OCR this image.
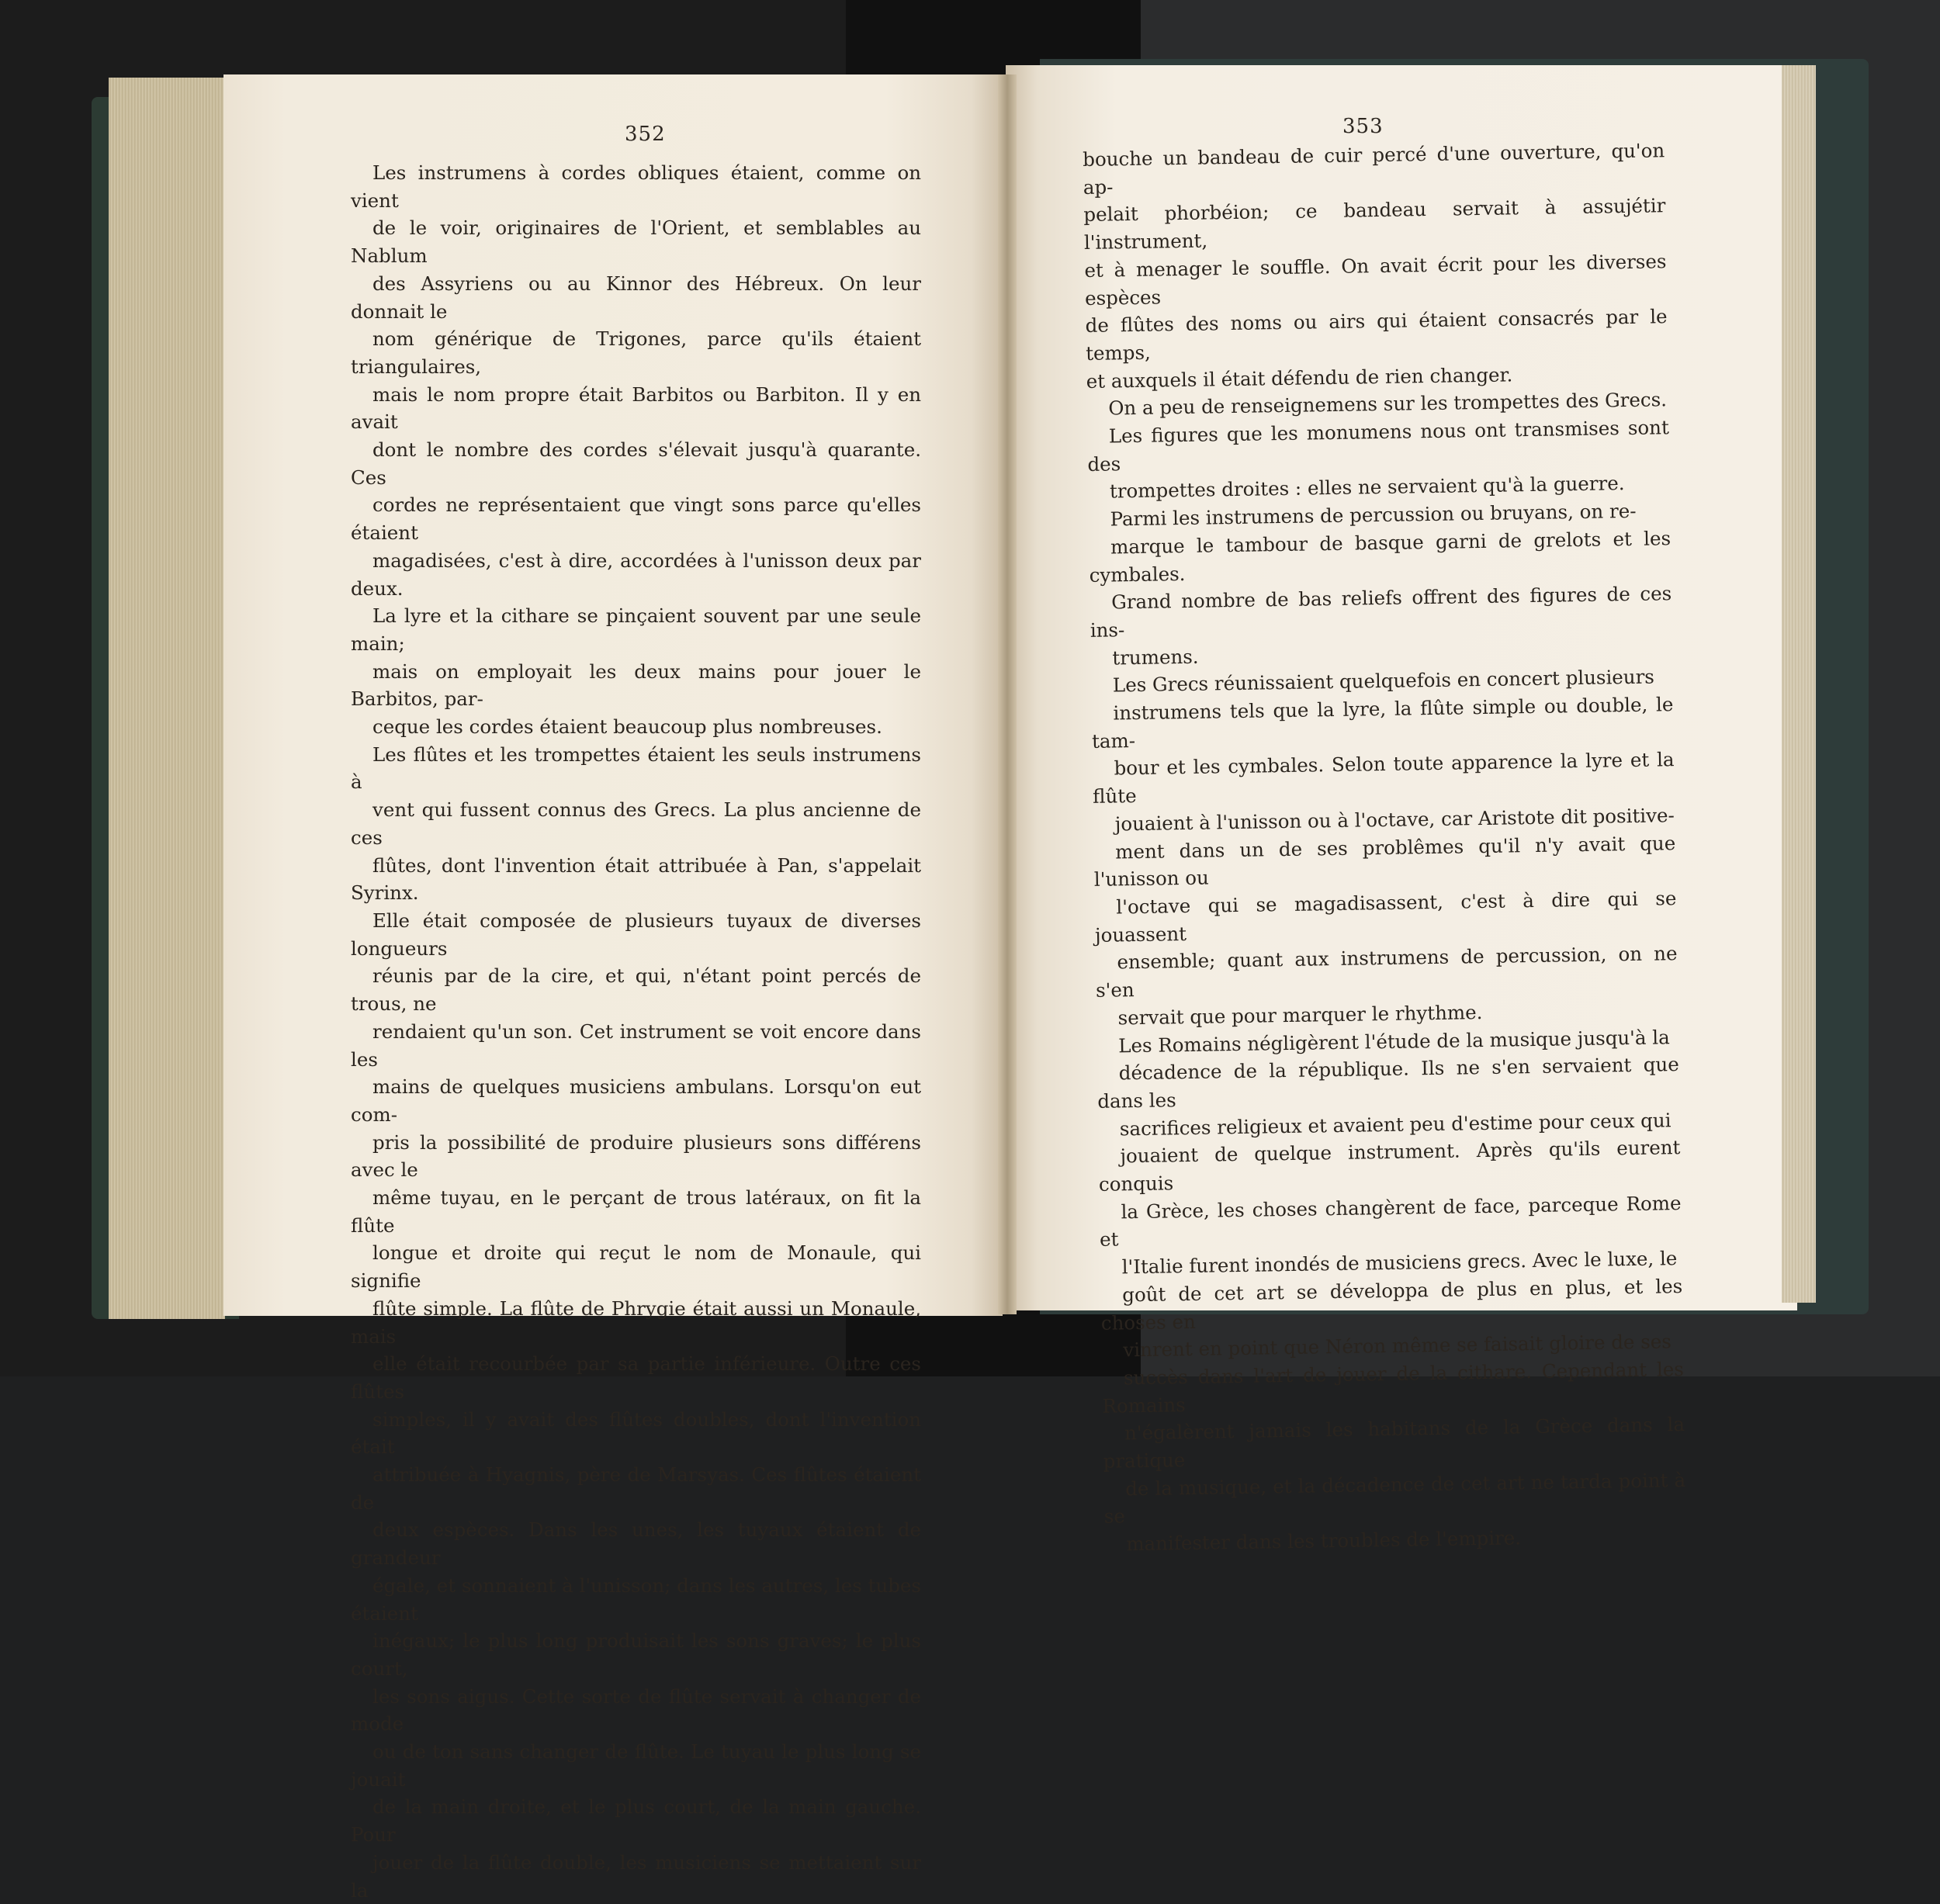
352	353

Les instrumens à cordes obliques étaient, comme on vient
de le voir, originaires de l'Orient, et semblables au Nablum
des Assyriens ou au Kinnor des Hébreux. On leur donnait le
nom générique de Trigones, parce qu'ils étaient triangulaires,
mais le nom propre était Barbitos ou Barbiton. Il y en avait
dont le nombre des cordes s'élevait jusqu'à quarante. Ces
cordes ne représentaient que vingt sons parce qu'elles étaient
magadisées, c'est à dire, accordées à l'unisson deux par deux.
La lyre et la cithare se pinçaient souvent par une seule main;
mais on employait les deux mains pour jouer le Barbitos, par-
ceque les cordes étaient beaucoup plus nombreuses.

Les flûtes et les trompettes étaient les seuls instrumens à
vent qui fussent connus des Grecs. La plus ancienne de ces
flûtes, dont l'invention était attribuée à Pan, s'appelait Syrinx.
Elle était composée de plusieurs tuyaux de diverses longueurs
réunis par de la cire, et qui, n'étant point percés de trous, ne
rendaient qu'un son. Cet instrument se voit encore dans les
mains de quelques musiciens ambulans. Lorsqu'on eut com-
pris la possibilité de produire plusieurs sons différens avec le
même tuyau, en le perçant de trous latéraux, on fit la flûte
longue et droite qui reçut le nom de Monaule, qui signifie
flûte simple. La flûte de Phrygie était aussi un Monaule, mais
elle était recourbée par sa partie inférieure. Outre ces flûtes
simples, il y avait des flûtes doubles, dont l'invention était
attribuée à Hyagnis, père de Marsyas. Ces flûtes étaient de
deux espèces. Dans les unes, les tuyaux étaient de grandeur
égale, et sonnaient à l'unisson; dans les autres, les tubes étaient
inégaux; le plus long produisait les sons graves; le plus court,
les sons aigus. Cette sorte de flûte servait à changer de mode
ou de ton sans changer de flûte. Le tuyau le plus long se jouait
de la main droite, et le plus court, de la main gauche. Pour
jouer de la flûte double, les musiciens se mettaient sur la

bouche un bandeau de cuir percé d'une ouverture, qu'on ap-
pelait phorbéion; ce bandeau servait à assujétir l'instrument,
et à menager le souffle. On avait écrit pour les diverses espèces
de flûtes des noms ou airs qui étaient consacrés par le temps,
et auxquels il était défendu de rien changer.

On a peu de renseignemens sur les trompettes des Grecs.
Les figures que les monumens nous ont transmises sont des
trompettes droites : elles ne servaient qu'à la guerre.

Parmi les instrumens de percussion ou bruyans, on re-
marque le tambour de basque garni de grelots et les cymbales.
Grand nombre de bas reliefs offrent des figures de ces ins-
trumens.

Les Grecs réunissaient quelquefois en concert plusieurs
instrumens tels que la lyre, la flûte simple ou double, le tam-
bour et les cymbales. Selon toute apparence la lyre et la flûte
jouaient à l'unisson ou à l'octave, car Aristote dit positive-
ment dans un de ses problêmes qu'il n'y avait que l'unisson ou
l'octave qui se magadisassent, c'est à dire qui se jouassent
ensemble; quant aux instrumens de percussion, on ne s'en
servait que pour marquer le rhythme.

Les Romains négligèrent l'étude de la musique jusqu'à la
décadence de la république. Ils ne s'en servaient que dans les
sacrifices religieux et avaient peu d'estime pour ceux qui
jouaient de quelque instrument. Après qu'ils eurent conquis
la Grèce, les choses changèrent de face, parceque Rome et
l'Italie furent inondés de musiciens grecs. Avec le luxe, le
goût de cet art se développa de plus en plus, et les choses en
vinrent en point que Néron même se faisait gloire de ses
succès dans l'art de jouer de la cithare. Cependant les Romains
n'égalèrent jamais les habitans de la Grèce dans la pratique
de la musique, et la décadence de cet art ne tarda point à se
manifester dans les troubles de l'empire.
